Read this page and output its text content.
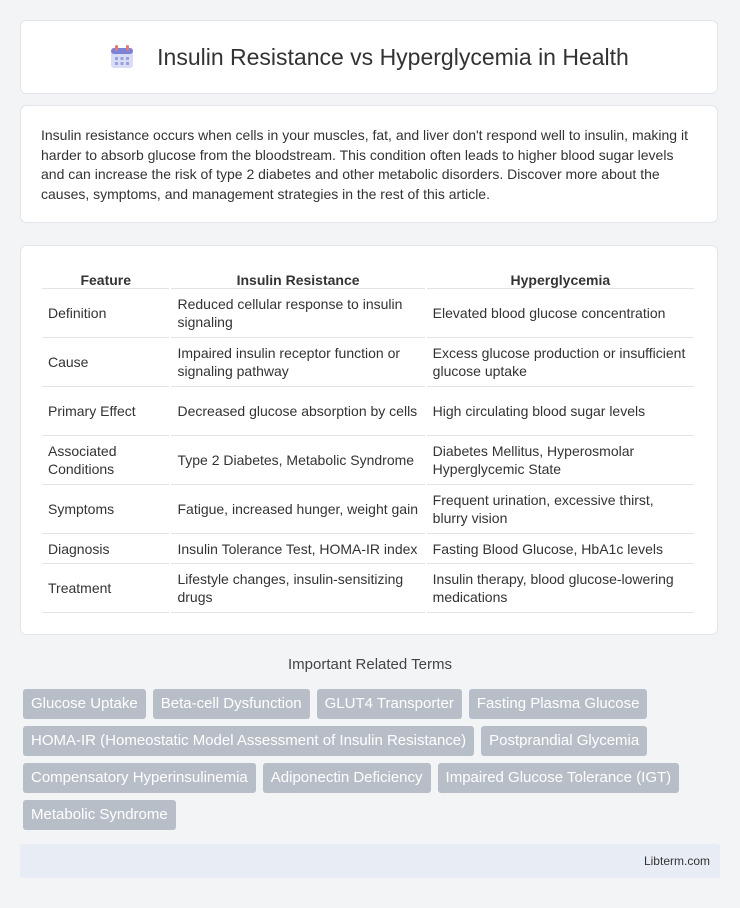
Insulin Resistance vs Hyperglycemia in Health

Insulin resistance occurs when cells in your muscles, fat, and liver don't respond well to insulin, making it harder to absorb glucose from the bloodstream. This condition often leads to higher blood sugar levels and can increase the risk of type 2 diabetes and other metabolic disorders. Discover more about the causes, symptoms, and management strategies in the rest of this article.

Feature	Insulin Resistance	Hyperglycemia
Definition	Reduced cellular response to insulin signaling	Elevated blood glucose concentration
Cause	Impaired insulin receptor function or signaling pathway	Excess glucose production or insufficient glucose uptake
Primary Effect	Decreased glucose absorption by cells	High circulating blood sugar levels
Associated Conditions	Type 2 Diabetes, Metabolic Syndrome	Diabetes Mellitus, Hyperosmolar Hyperglycemic State
Symptoms	Fatigue, increased hunger, weight gain	Frequent urination, excessive thirst, blurry vision
Diagnosis	Insulin Tolerance Test, HOMA-IR index	Fasting Blood Glucose, HbA1c levels
Treatment	Lifestyle changes, insulin-sensitizing drugs	Insulin therapy, blood glucose-lowering medications
Important Related Terms
Glucose Uptake	Beta-cell Dysfunction	GLUT4 Transporter	Fasting Plasma Glucose
HOMA-IR (Homeostatic Model Assessment of Insulin Resistance)	Postprandial Glycemia
Compensatory Hyperinsulinemia	Adiponectin Deficiency	Impaired Glucose Tolerance (IGT)
Metabolic Syndrome
Libterm.com
